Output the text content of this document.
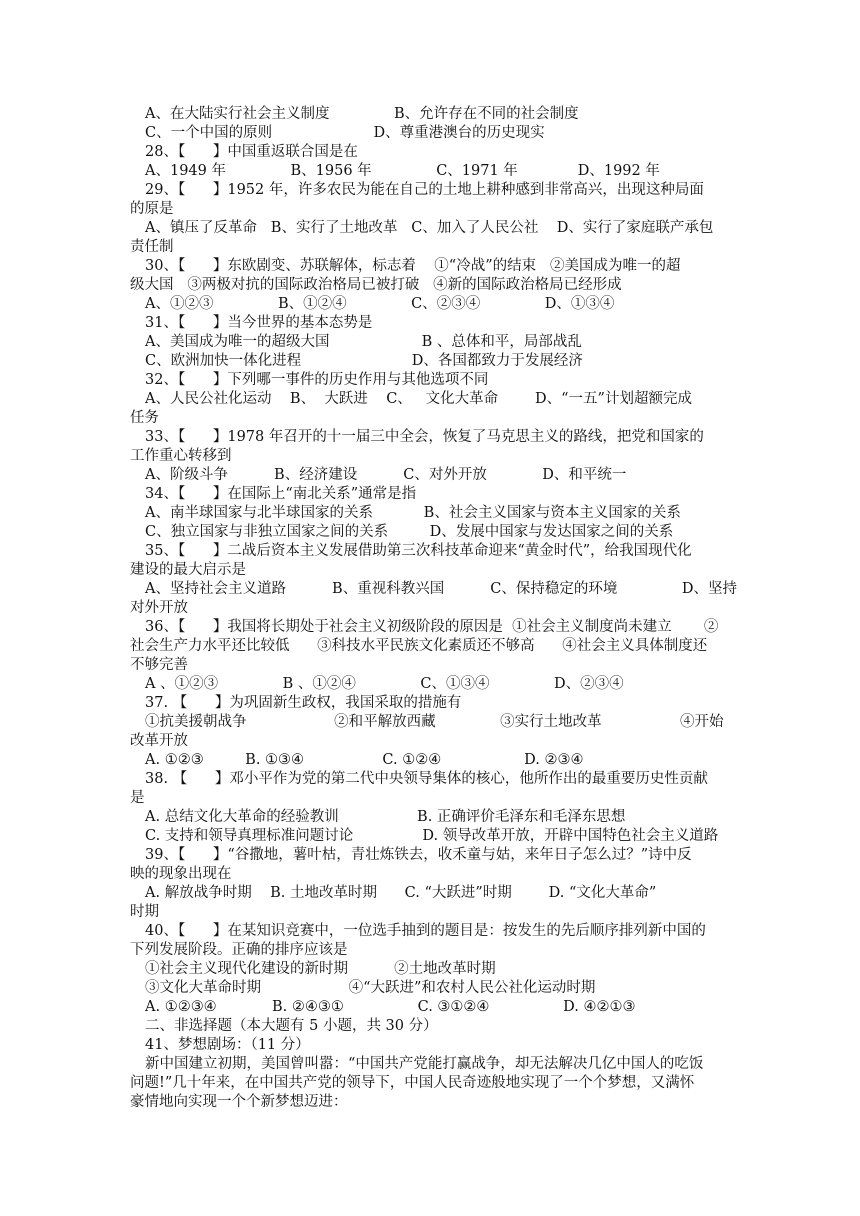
A、在大陆实行社会主义制度              B、允许存在不同的社会制度
C、一个中国的原则                      D、尊重港澳台的历史现实
28、【      】中国重返联合国是在
A、1949 年              B、1956 年              C、1971 年             D、1992 年
29、【      】1952 年，许多农民为能在自己的土地上耕种感到非常高兴，出现这种局面
的原是
A、镇压了反革命   B、实行了土地改革   C、加入了人民公社    D、实行了家庭联产承包
责任制
30、【      】东欧剧变、苏联解体，标志着    ①“冷战”的结束   ②美国成为唯一的超
级大国   ③两极对抗的国际政治格局已被打破   ④新的国际政治格局已经形成
A、①②③              B、①②④              C、②③④              D、①③④
31、【      】当今世界的基本态势是
A、美国成为唯一的超级大国                    B 、总体和平，局部战乱
C、欧洲加快一体化进程                        D、各国都致力于发展经济
32、【      】下列哪一事件的历史作用与其他选项不同
A、人民公社化运动    B、  大跃进    C、   文化大革命        D、“一五”计划超额完成
任务
33、【      】1978 年召开的十一届三中全会，恢复了马克思主义的路线，把党和国家的
工作重心转移到
A、阶级斗争          B、经济建设          C、对外开放            D、和平统一
34、【      】在国际上“南北关系”通常是指
A、南半球国家与北半球国家的关系           B、社会主义国家与资本主义国家的关系
C、独立国家与非独立国家之间的关系         D、发展中国家与发达国家之间的关系
35、【      】二战后资本主义发展借助第三次科技革命迎来“黄金时代”，给我国现代化
建设的最大启示是
A、坚持社会主义道路          B、重视科教兴国          C、保持稳定的环境              D、坚持
对外开放
36、【      】我国将长期处于社会主义初级阶段的原因是  ①社会主义制度尚未建立       ②
社会生产力水平还比较低      ③科技水平民族文化素质还不够高      ④社会主义具体制度还
不够完善
A 、①②③              B 、①②④              C、①③④              D、②③④
37. 【      】为巩固新生政权，我国采取的措施有
①抗美援朝战争                   ②和平解放西藏              ③实行土地改革                 ④开始
改革开放
A. ①②③         B. ①③④                 C. ①②④                  D. ②③④
38. 【      】邓小平作为党的第二代中央领导集体的核心，他所作出的最重要历史性贡献
是
A. 总结文化大革命的经验教训                 B. 正确评价毛泽东和毛泽东思想
C. 支持和领导真理标准问题讨论               D. 领导改革开放，开辟中国特色社会主义道路
39、【      】“谷撒地，薯叶枯，青壮炼铁去，收禾童与姑，来年日子怎么过？”诗中反
映的现象出现在
A. 解放战争时期    B. 土地改革时期      C. “大跃进”时期        D. “文化大革命”
时期
40、【      】在某知识竞赛中，一位选手抽到的题目是：按发生的先后顺序排列新中国的
下列发展阶段。正确的排序应该是
①社会主义现代化建设的新时期          ②土地改革时期
③文化大革命时期                   ④“大跃进”和农村人民公社化运动时期
A. ①②③④            B. ②④③①                C. ③①②④                D. ④②①③
二、非选择题（本大题有 5 小题，共 30 分）
41、梦想剧场：（11 分）
新中国建立初期，美国曾叫嚣：“中国共产党能打赢战争，却无法解决几亿中国人的吃饭
问题!”几十年来，在中国共产党的领导下，中国人民奇迹般地实现了一个个梦想，又满怀
豪情地向实现一个个新梦想迈进：
